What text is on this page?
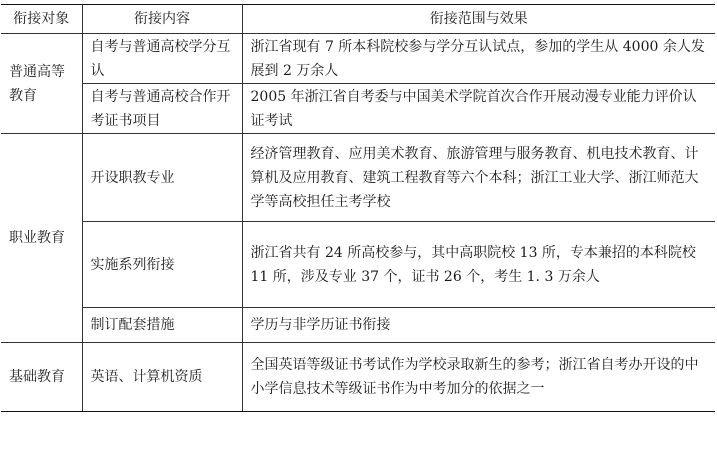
衔接对象	衔接内容	衔接范围与效果
普通高等教育	自考与普通高校学分互认	浙江省现有 7 所本科院校参与学分互认试点，参加的学生从 4000 余人发展到 2 万余人
	自考与普通高校合作开考证书项目	2005 年浙江省自考委与中国美术学院首次合作开展动漫专业能力评价认证考试
职业教育	开设职教专业	经济管理教育、应用美术教育、旅游管理与服务教育、机电技术教育、计算机及应用教育、建筑工程教育等六个本科；浙江工业大学、浙江师范大学等高校担任主考学校
	实施系列衔接	浙江省共有 24 所高校参与，其中高职院校 13 所，专本兼招的本科院校 11 所，涉及专业 37 个，证书 26 个，考生 1. 3 万余人
	制订配套措施	学历与非学历证书衔接
基础教育	英语、计算机资质	全国英语等级证书考试作为学校录取新生的参考；浙江省自考办开设的中小学信息技术等级证书作为中考加分的依据之一
